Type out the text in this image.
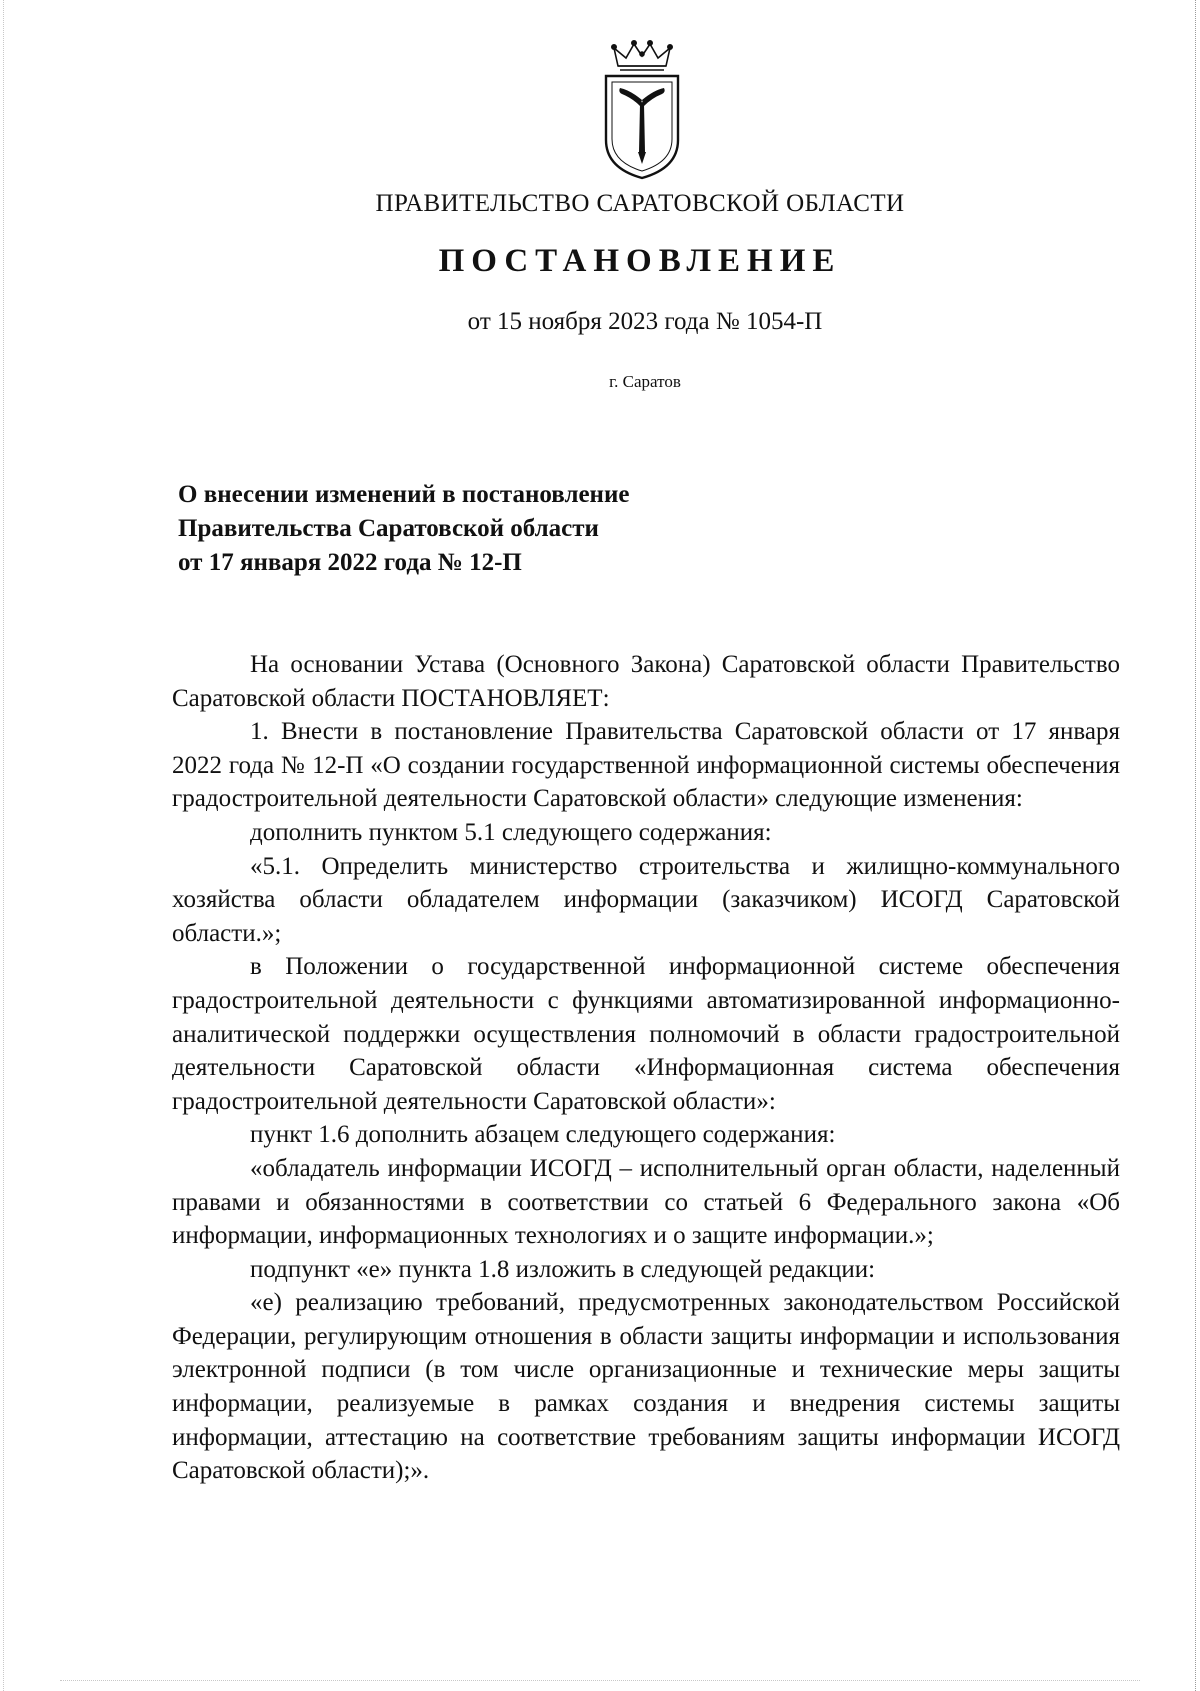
ПРАВИТЕЛЬСТВО САРАТОВСКОЙ ОБЛАСТИ
ПОСТАНОВЛЕНИЕ
от 15 ноября 2023 года № 1054-П
г. Саратов
О внесении изменений в постановление
Правительства Саратовской области
от 17 января 2022 года № 12-П

На основании Устава (Основного Закона) Саратовской области Правительство Саратовской области ПОСТАНОВЛЯЕТ:

1. Внести в постановление Правительства Саратовской области от 17 января 2022 года № 12-П «О создании государственной информационной системы обеспечения градостроительной деятельности Саратовской области» следующие изменения:

дополнить пунктом 5.1 следующего содержания:

«5.1. Определить министерство строительства и жилищно-коммунального хозяйства области обладателем информации (заказчиком) ИСОГД Саратовской области.»;

в Положении о государственной информационной системе обеспечения градостроительной деятельности с функциями автоматизированной информационно-аналитической поддержки осуществления полномочий в области градостроительной деятельности Саратовской области «Информационная система обеспечения градостроительной деятельности Саратовской области»:

пункт 1.6 дополнить абзацем следующего содержания:

«обладатель информации ИСОГД – исполнительный орган области, наделенный правами и обязанностями в соответствии со статьей 6 Федерального закона «Об информации, информационных технологиях и о защите информации.»;

подпункт «е» пункта 1.8 изложить в следующей редакции:

«е) реализацию требований, предусмотренных законодательством Российской Федерации, регулирующим отношения в области защиты информации и использования электронной подписи (в том числе организационные и технические меры защиты информации, реализуемые в рамках создания и внедрения системы защиты информации, аттестацию на соответствие требованиям защиты информации ИСОГД Саратовской области);».
